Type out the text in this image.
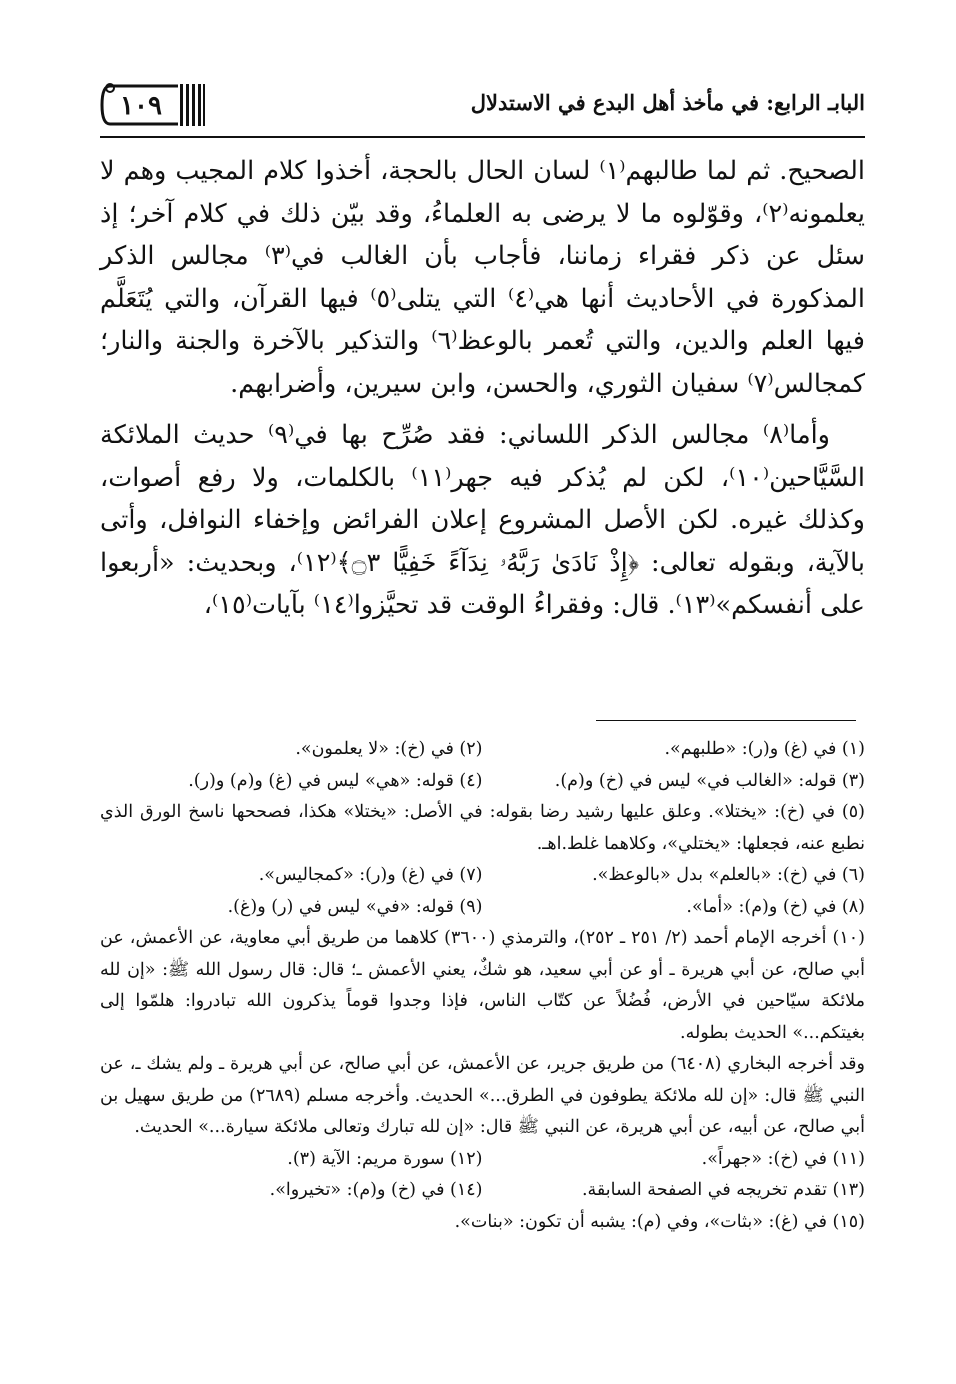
١٠٩	البابـ الرابع: في مأخذ أهل البدع في الاستدلال

الصحيح. ثم لما طالبهم⁽١⁾ لسان الحال بالحجة، أخذوا كلام المجيب وهم لا يعلمونه⁽٢⁾، وقوّلوه ما لا يرضى به العلماءُ، وقد بيّن ذلك في كلام آخر؛ إذ سئل عن ذكر فقراء زماننا، فأجاب بأن الغالب في⁽٣⁾ مجالس الذكر المذكورة في الأحاديث أنها هي⁽٤⁾ التي يتلى⁽٥⁾ فيها القرآن، والتي يُتَعَلَّم فيها العلم والدين، والتي تُعمر بالوعظ⁽٦⁾ والتذكير بالآخرة والجنة والنار؛ كمجالس⁽٧⁾ سفيان الثوري، والحسن، وابن سيرين، وأضرابهم.

وأما⁽٨⁾ مجالس الذكر اللساني: فقد صُرِّح بها في⁽٩⁾ حديث الملائكة السَّيَّاحين⁽١٠⁾، لكن لم يُذكر فيه جهر⁽١١⁾ بالكلمات، ولا رفع أصوات، وكذلك غيره. لكن الأصل المشروع إعلان الفرائض وإخفاء النوافل، وأتى بالآية، وبقوله تعالى: ﴿إِذْ نَادَىٰ رَبَّهُۥ نِدَآءً خَفِيًّا ۝٣﴾⁽١٢⁾، وبحديث: «أربعوا على أنفسكم»⁽١٣⁾. قال: وفقراءُ الوقت قد تحيَّزوا⁽١٤⁾ بآيات⁽١٥⁾،

(١) في (غ) و(ر): «طلبهم».
(٢) في (خ): «لا يعلمون».
(٣) قوله: «الغالب في» ليس في (خ) و(م).
(٤) قوله: «هي» ليس في (غ) و(م) و(ر).
(٥) في (خ): «يختلا». وعلق عليها رشيد رضا بقوله: في الأصل: «يختلا» هكذا، فصححها ناسخ الورق الذي نطبع عنه، فجعلها: «يختلي»، وكلاهما غلط.اهـ.
(٦) في (خ): «بالعلم» بدل «بالوعظ».
(٧) في (غ) و(ر): «كمجاليس».
(٨) في (خ) و(م): «أما».
(٩) قوله: «في» ليس في (ر) و(غ).
(١٠) أخرجه الإمام أحمد (٢/ ٢٥١ ـ ٢٥٢)، والترمذي (٣٦٠٠) كلاهما من طريق أبي معاوية، عن الأعمش، عن أبي صالح، عن أبي هريرة ـ أو عن أبي سعيد، هو شكٌ، يعني الأعمش ـ؛ قال: قال رسول الله ﷺ: «إن لله ملائكة سيّاحين في الأرض، فُضُلاً عن كتّاب الناس، فإذا وجدوا قوماً يذكرون الله تبادروا: هلمّوا إلى بغيتكم...» الحديث بطوله.
وقد أخرجه البخاري (٦٤٠٨) من طريق جرير، عن الأعمش، عن أبي صالح، عن أبي هريرة ـ ولم يشك ـ، عن النبي ﷺ قال: «إن لله ملائكة يطوفون في الطرق...» الحديث. وأخرجه مسلم (٢٦٨٩) من طريق سهيل بن أبي صالح، عن أبيه، عن أبي هريرة، عن النبي ﷺ قال: «إن لله تبارك وتعالى ملائكة سيارة...» الحديث.
(١١) في (خ): «جهراً».
(١٢) سورة مريم: الآية (٣).
(١٣) تقدم تخريجه في الصفحة السابقة.
(١٤) في (خ) و(م): «تخيروا».
(١٥) في (غ): «بثات»، وفي (م): يشبه أن تكون: «بنات».
